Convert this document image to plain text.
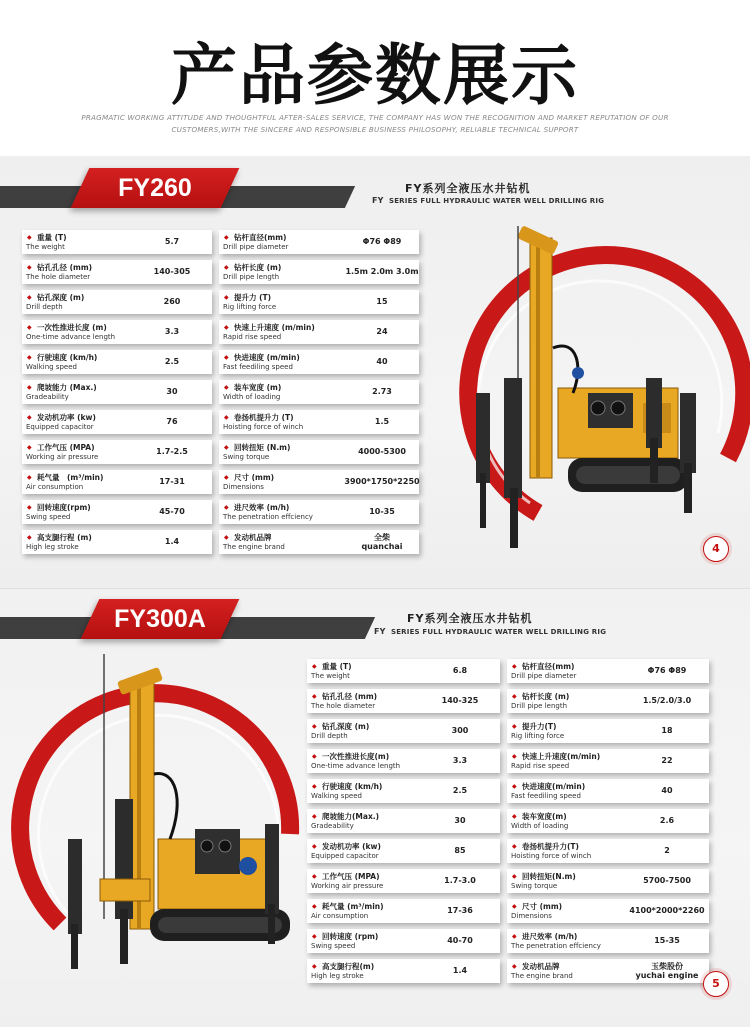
产品参数展示
PRAGMATIC WORKING ATTITUDE AND THOUGHTFUL AFTER-SALES SERVICE, THE COMPANY HAS WON THE RECOGNITION AND MARKET REPUTATION OF OUR CUSTOMERS,WITH THE SINCERE AND RESPONSIBLE BUSINESS PHILOSOPHY, RELIABLE TECHNICAL SUPPORT
FY260	FY系列全液压水井钻机
FY SERIES FULL HYDRAULIC WATER WELL DRILLING RIG
◆ 重量 (T)
The weight
5.7
◆ 钻孔孔径 (mm)
The hole diameter
140-305
◆ 钻孔深度 (m)
Drill depth
260
◆ 一次性推进长度 (m)
One-time advance length
3.3
◆ 行驶速度 (km/h)
Walking speed
2.5
◆ 爬坡能力 (Max.)
Gradeability
30
◆ 发动机功率 (kw)
Equipped capacitor
76
◆ 工作气压 (MPA)
Working air pressure
1.7-2.5
◆ 耗气量　(m³/min)
Air consumption
17-31
◆ 回转速度(rpm)
Swing speed
45-70
◆ 高支腿行程 (m)
High leg stroke
1.4
◆ 钻杆直径(mm)
Drill pipe diameter
Φ76 Φ89
◆ 钻杆长度 (m)
Drill pipe length
1.5m 2.0m 3.0m
◆ 提升力 (T)
Rig lifting force
15
◆ 快速上升速度 (m/min)
Rapid rise speed
24
◆ 快进速度 (m/min)
Fast feediling speed
40
◆ 装车宽度 (m)
Width of loading
2.73
◆ 卷扬机提升力 (T)
Hoisting force of winch
1.5
◆ 回转扭矩 (N.m)
Swing torque
4000-5300
◆ 尺寸 (mm)
Dimensions
3900*1750*2250
◆ 进尺效率 (m/h)
The penetration effciency
10-35
◆ 发动机品牌
The engine brand
全柴
quanchai	4
FY300A	FY系列全液压水井钻机
FY SERIES FULL HYDRAULIC WATER WELL DRILLING RIG
◆ 重量 (T)
The weight
6.8
◆ 钻孔孔径 (mm)
The hole diameter
140-325
◆ 钻孔深度 (m)
Drill depth
300
◆ 一次性推进长度(m)
One-time advance length
3.3
◆ 行驶速度 (km/h)
Walking speed
2.5
◆ 爬坡能力(Max.)
Gradeability
30
◆ 发动机功率 (kw)
Equipped capacitor
85
◆ 工作气压 (MPA)
Working air pressure
1.7-3.0
◆ 耗气量 (m³/min)
Air consumption
17-36
◆ 回转速度 (rpm)
Swing speed
40-70
◆ 高支腿行程(m)
High leg stroke
1.4
◆ 钻杆直径(mm)
Drill pipe diameter
Φ76 Φ89
◆ 钻杆长度 (m)
Drill pipe length
1.5/2.0/3.0
◆ 提升力(T)
Rig lifting force
18
◆ 快速上升速度(m/min)
Rapid rise speed
22
◆ 快进速度(m/min)
Fast feediling speed
40
◆ 装车宽度(m)
Width of loading
2.6
◆ 卷扬机提升力(T)
Hoisting force of winch
2
◆ 回转扭矩(N.m)
Swing torque
5700-7500
◆ 尺寸 (mm)
Dimensions
4100*2000*2260
◆ 进尺效率 (m/h)
The penetration effciency
15-35
◆ 发动机品牌
The engine brand
玉柴股份
yuchai engine
5
